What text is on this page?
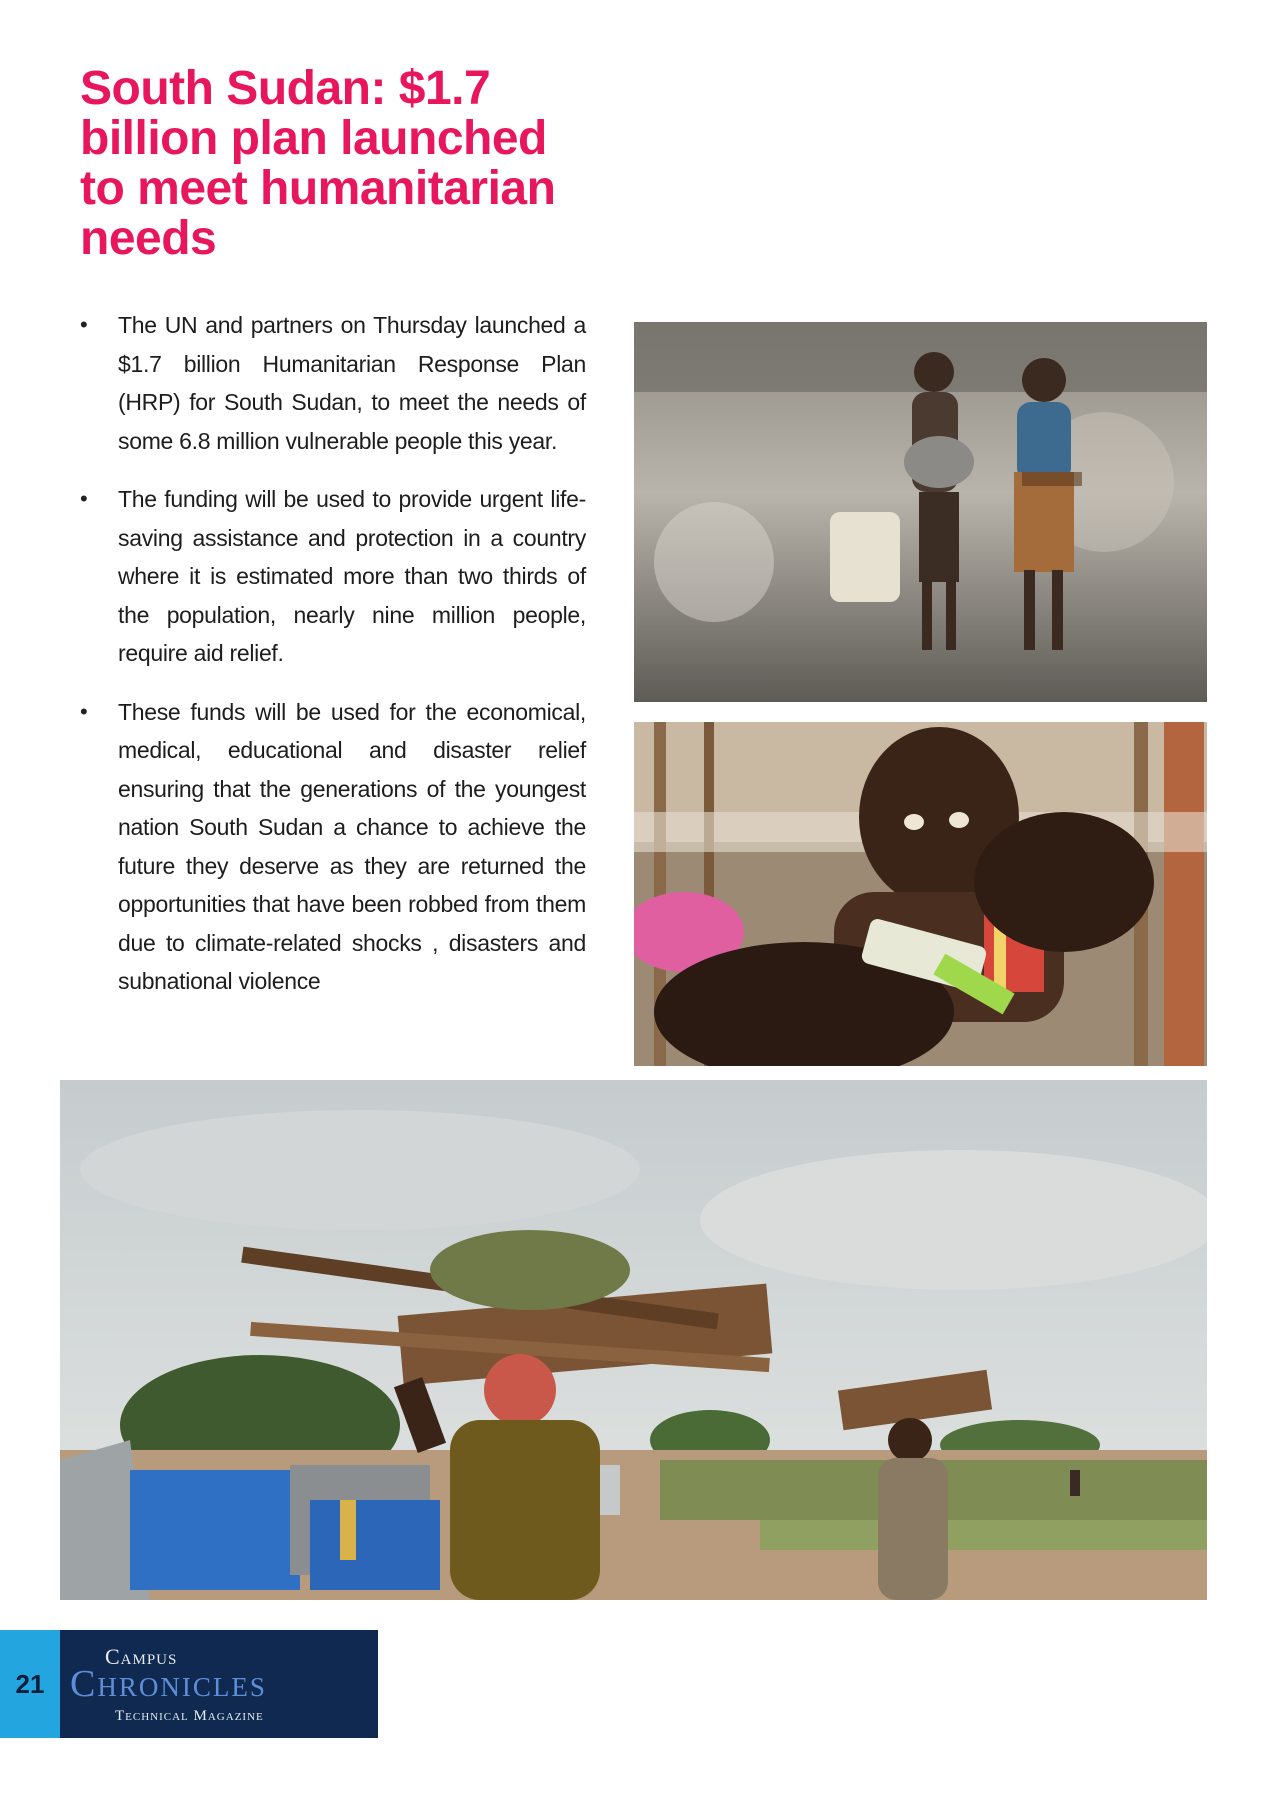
South Sudan: $1.7 billion plan launched to meet humanitarian needs
• The UN and partners on Thursday launched a $1.7 billion Humanitarian Response Plan (HRP) for South Sudan, to meet the needs of some 6.8 million vulnerable people this year.
• The funding will be used to provide urgent life-saving assistance and protection in a country where it is estimated more than two thirds of the population, nearly nine million people, require aid relief.
• These funds will be used for the economical, medical, educational and disaster relief ensuring that the generations of the youngest nation South Sudan a chance to achieve the future they deserve as they are returned the opportunities that have been robbed from them due to climate-related shocks , disasters and subnational violence
21
Campus
Chronicles
Technical Magazine
